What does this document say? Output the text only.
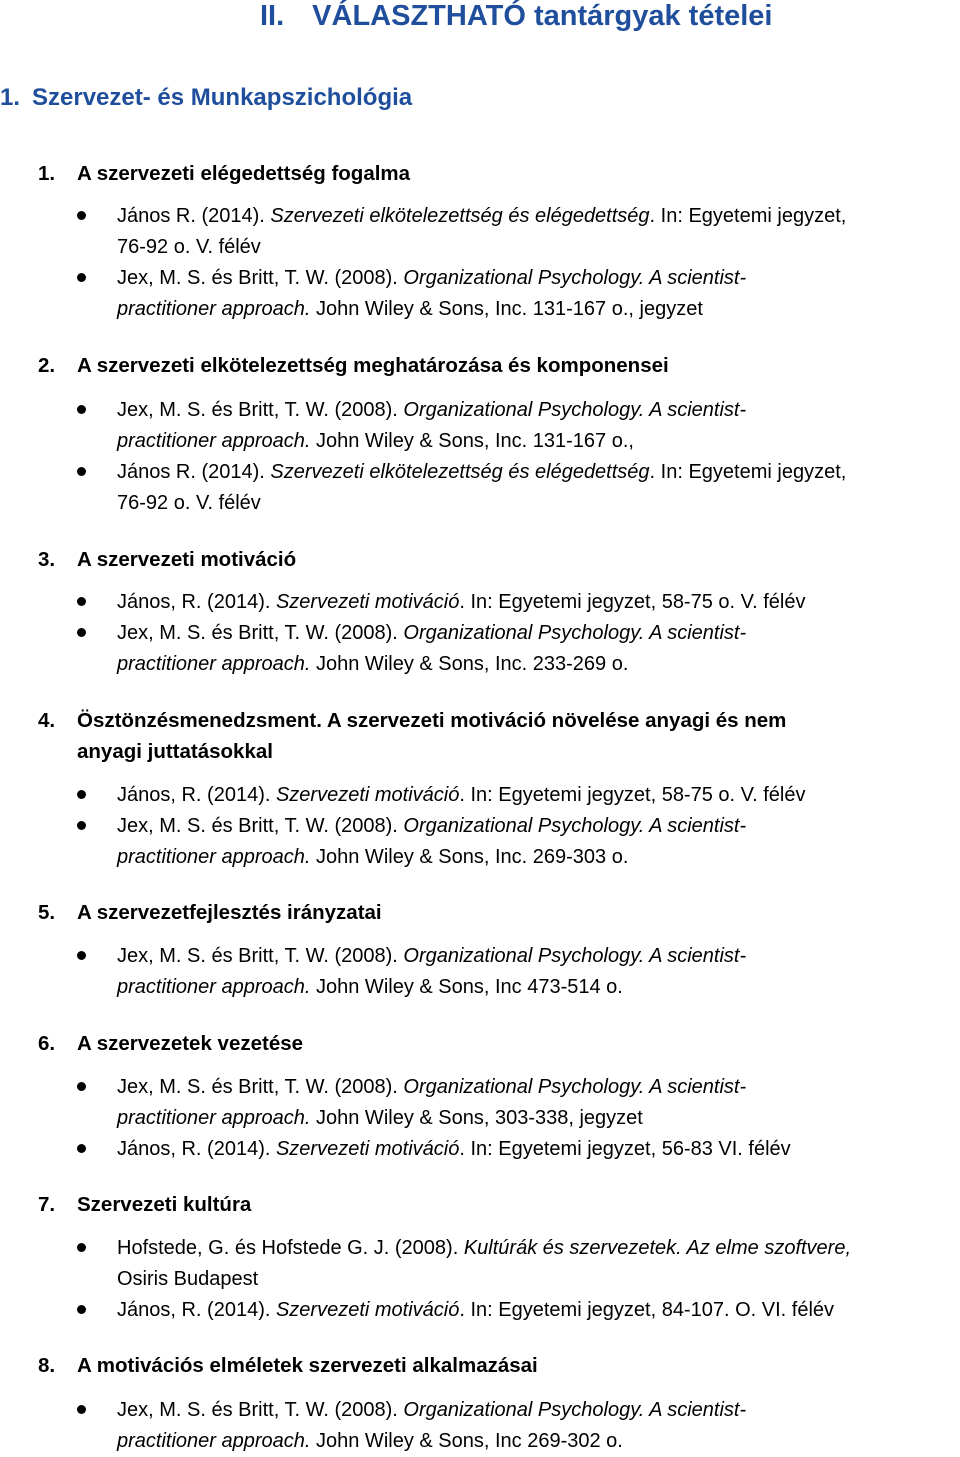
II. VÁLASZTHATÓ tantárgyak tételei
1. Szervezet- és Munkapszichológia
1. A szervezeti elégedettség fogalma
János R. (2014). Szervezeti elkötelezettség és elégedettség. In: Egyetemi jegyzet,
76-92 o. V. félév
Jex, M. S. és Britt, T. W. (2008). Organizational Psychology. A scientist-
practitioner approach. John Wiley & Sons, Inc. 131-167 o., jegyzet
2. A szervezeti elkötelezettség meghatározása és komponensei
Jex, M. S. és Britt, T. W. (2008). Organizational Psychology. A scientist-
practitioner approach. John Wiley & Sons, Inc. 131-167 o.,
János R. (2014). Szervezeti elkötelezettség és elégedettség. In: Egyetemi jegyzet,
76-92 o. V. félév
3. A szervezeti motiváció
János, R. (2014). Szervezeti motiváció. In: Egyetemi jegyzet, 58-75 o. V. félév
Jex, M. S. és Britt, T. W. (2008). Organizational Psychology. A scientist-
practitioner approach. John Wiley & Sons, Inc. 233-269 o.
4. Ösztönzésmenedzsment. A szervezeti motiváció növelése anyagi és nem
anyagi juttatásokkal
János, R. (2014). Szervezeti motiváció. In: Egyetemi jegyzet, 58-75 o. V. félév
Jex, M. S. és Britt, T. W. (2008). Organizational Psychology. A scientist-
practitioner approach. John Wiley & Sons, Inc. 269-303 o.
5. A szervezetfejlesztés irányzatai
Jex, M. S. és Britt, T. W. (2008). Organizational Psychology. A scientist-
practitioner approach. John Wiley & Sons, Inc 473-514 o.
6. A szervezetek vezetése
Jex, M. S. és Britt, T. W. (2008). Organizational Psychology. A scientist-
practitioner approach. John Wiley & Sons, 303-338, jegyzet
János, R. (2014). Szervezeti motiváció. In: Egyetemi jegyzet, 56-83 VI. félév
7. Szervezeti kultúra
Hofstede, G. és Hofstede G. J. (2008). Kultúrák és szervezetek. Az elme szoftvere,
Osiris Budapest
János, R. (2014). Szervezeti motiváció. In: Egyetemi jegyzet, 84-107. O. VI. félév
8. A motivációs elméletek szervezeti alkalmazásai
Jex, M. S. és Britt, T. W. (2008). Organizational Psychology. A scientist-
practitioner approach. John Wiley & Sons, Inc 269-302 o.
